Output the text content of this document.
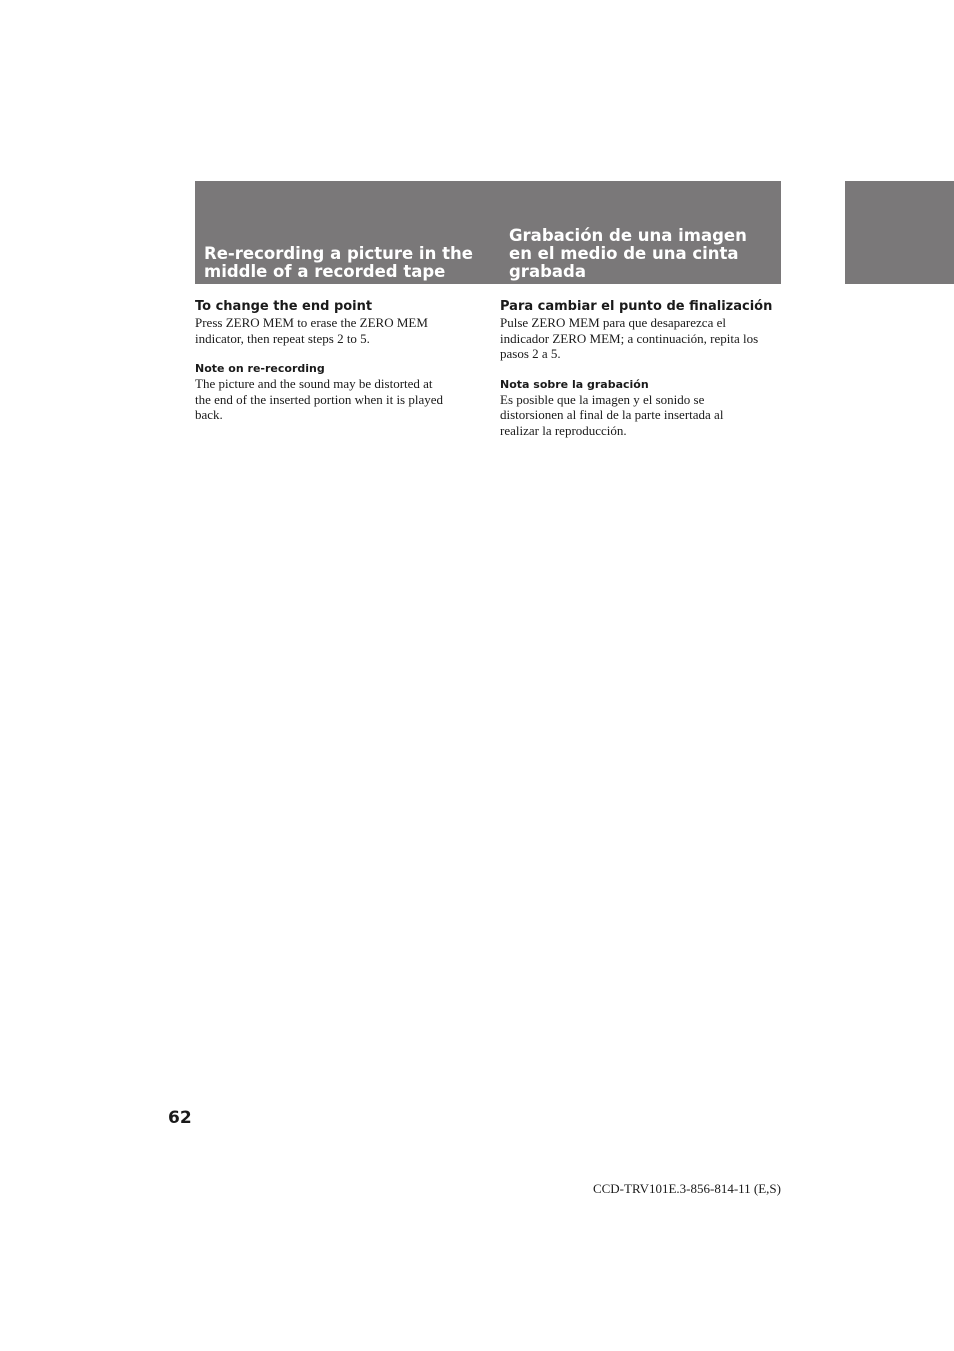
Re-recording a picture in the
middle of a recorded tape
Grabación de una imagen
en el medio de una cinta
grabada
To change the end point

Press ZERO MEM to erase the ZERO MEM

indicator, then repeat steps 2 to 5.

Note on re-recording

The picture and the sound may be distorted at

the end of the inserted portion when it is played

back.

Para cambiar el punto de finalización

Pulse ZERO MEM para que desaparezca el

indicador ZERO MEM; a continuación, repita los

pasos 2 a 5.

Nota sobre la grabación

Es posible que la imagen y el sonido se

distorsionen al final de la parte insertada al

realizar la reproducción.

62

CCD-TRV101E.3-856-814-11 (E,S)
